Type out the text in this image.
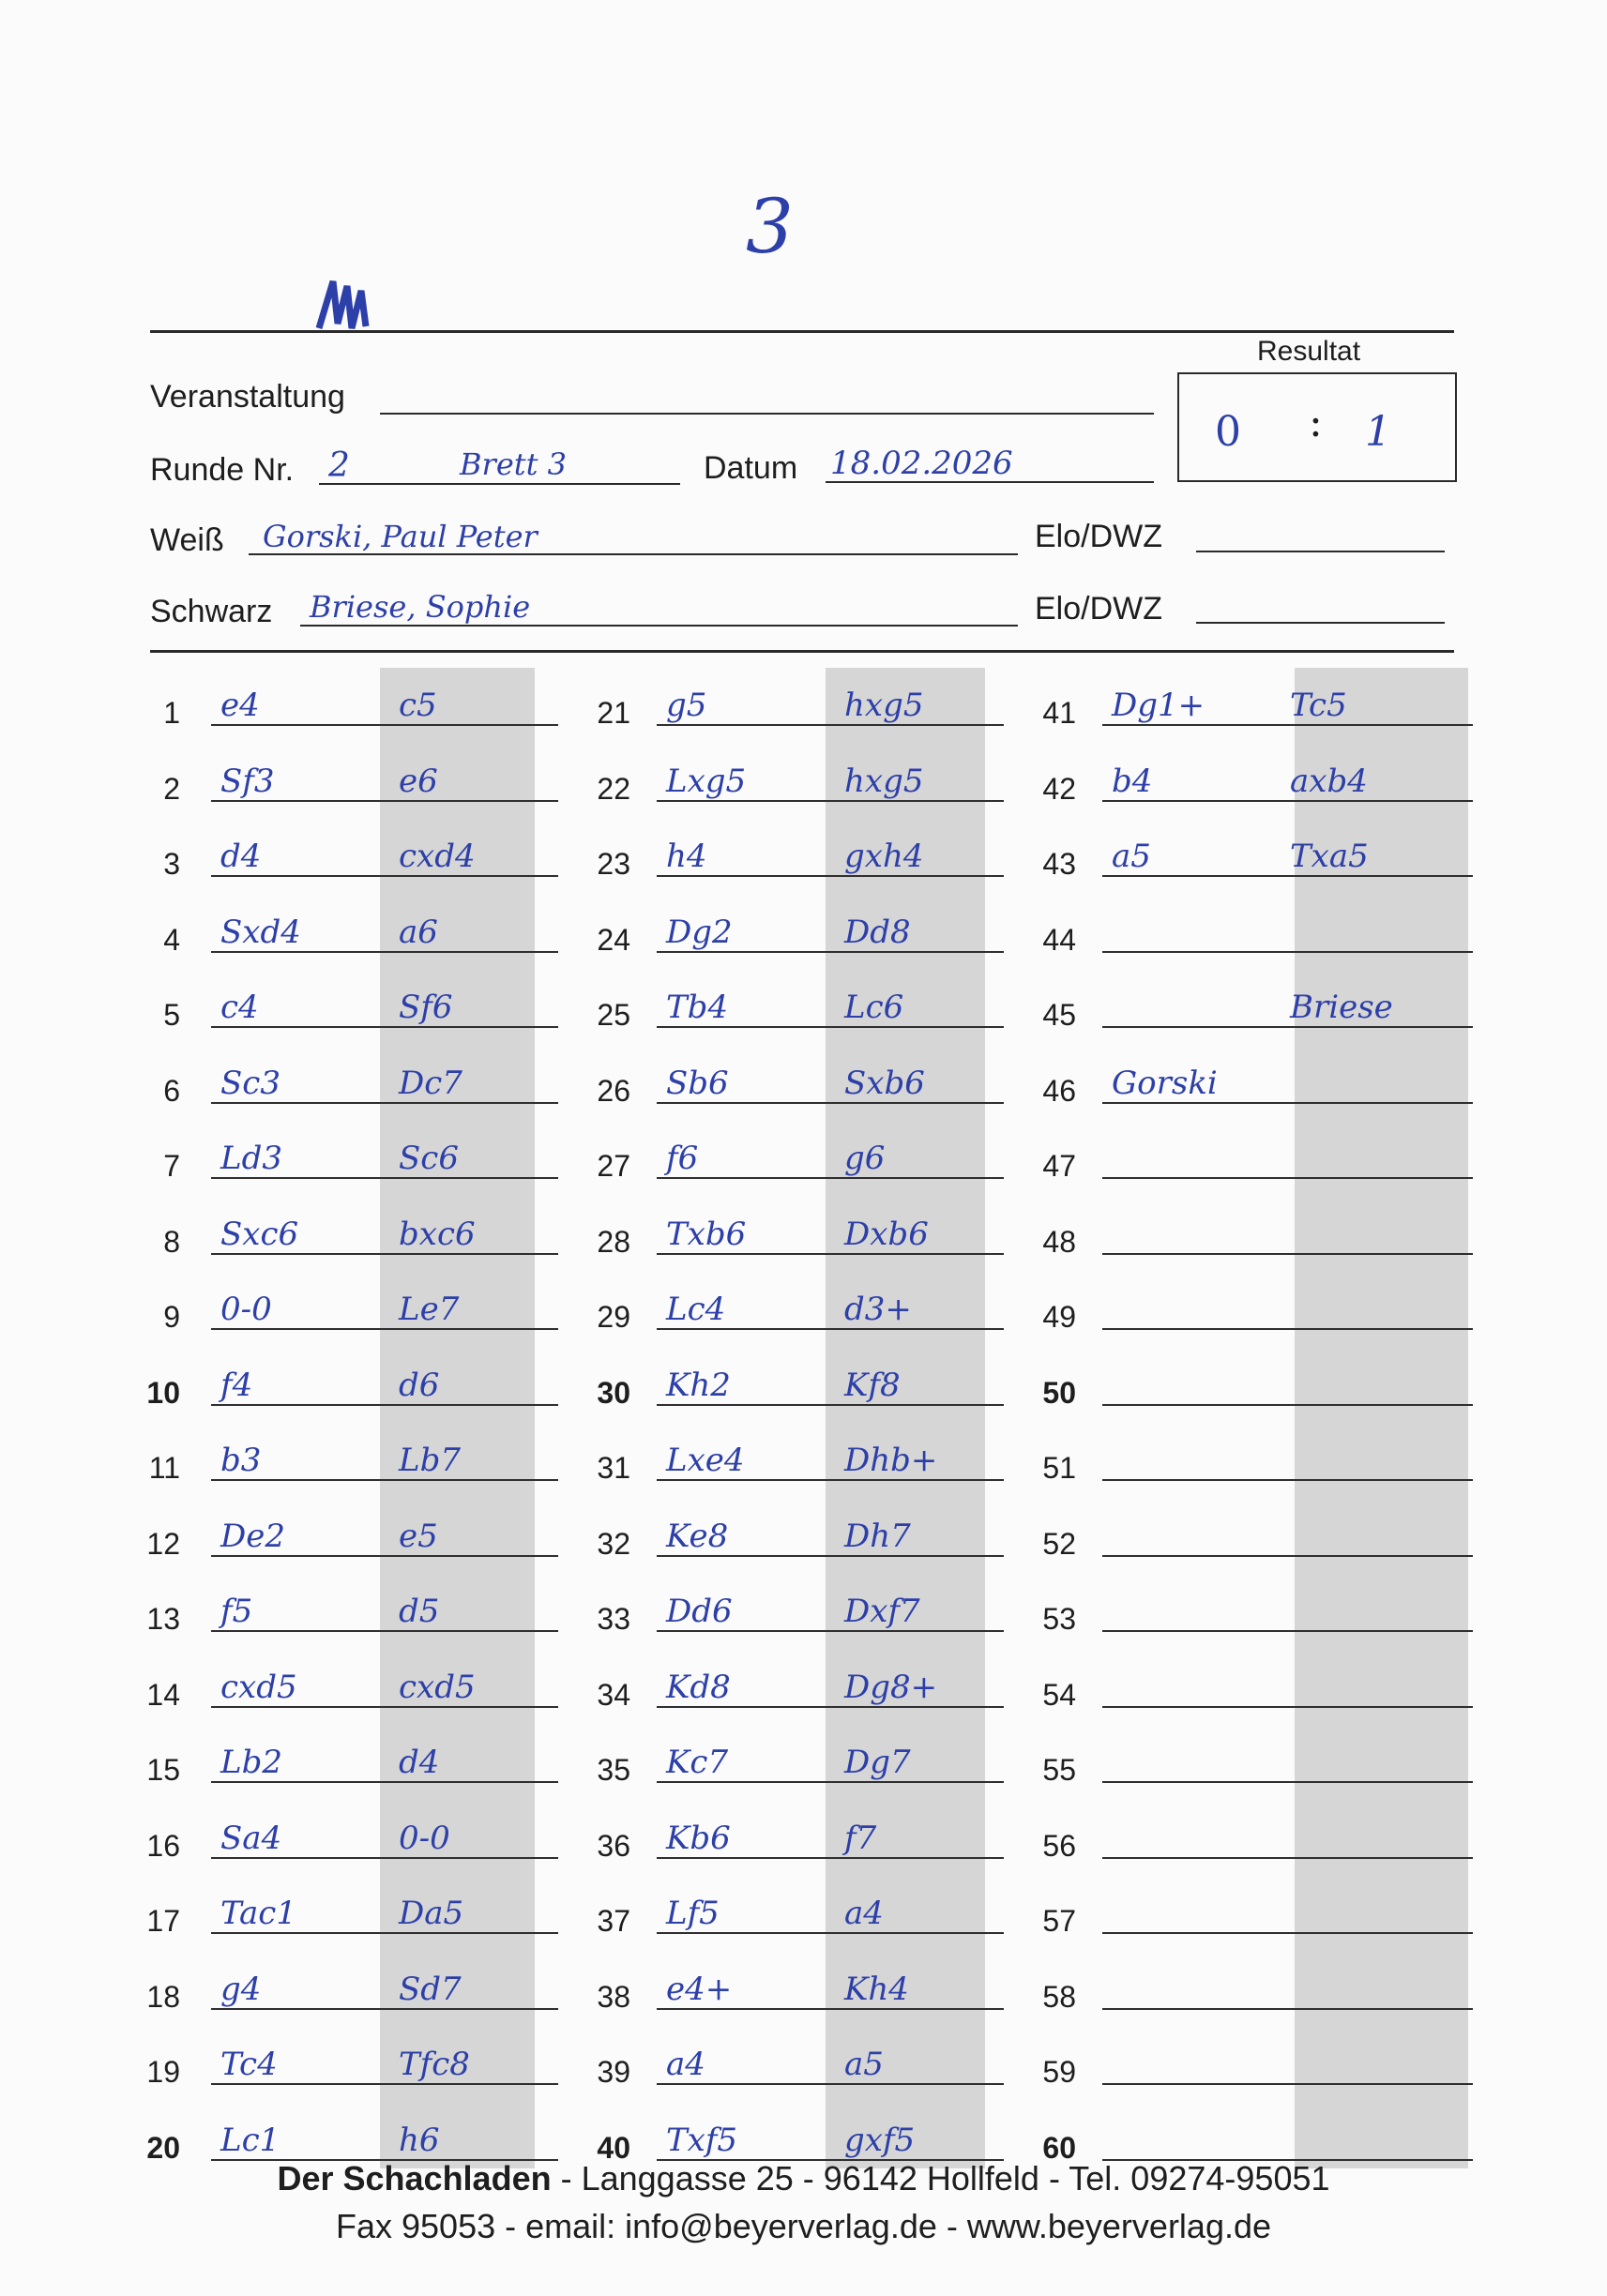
3
Resultat
0 : 1
Veranstaltung
Runde Nr. 2	Brett 3	Datum 18.02.2026
Weiß Gorski, Paul Peter	Elo/DWZ
Schwarz Briese, Sophie	Elo/DWZ
1 e4	c5
2 Sf3	e6
3 d4	cxd4
4 Sxd4	a6
5 c4	Sf6
6 Sc3	Dc7
7 Ld3	Sc6
8 Sxc6	bxc6
9 0-0	Le7
10 f4	d6
11 b3	Lb7
12 De2	e5
13 f5	d5
14 cxd5	cxd5
15 Lb2	d4
16 Sa4	0-0
17 Tac1	Da5
18 g4	Sd7
19 Tc4	Tfc8
20 Lc1	h6
21 g5	hxg5
22 Lxg5	hxg5
23 h4	gxh4
24 Dg2	Dd8
25 Tb4	Lc6
26 Sb6	Sxb6
27 f6	g6
28 Txb6	Dxb6
29 Lc4	d3+
30 Kh2	Kf8
31 Lxe4	Dhb+
32 Ke8	Dh7
33 Dd6	Dxf7
34 Kd8	Dg8+
35 Kc7	Dg7
36 Kb6	f7
37 Lf5	a4
38 e4+	Kh4
39 a4	a5
40 Txf5	gxf5
41 Dg1+	Tc5
42 b4	axb4
43 a5	Txa5
44
45	Briese
46 Gorski
47
48
49
50
51
52
53
54
55
56
57
58
59
60
Der Schachladen - Langgasse 25 - 96142 Hollfeld - Tel. 09274-95051
Fax 95053 - email: info@beyerverlag.de - www.beyerverlag.de
